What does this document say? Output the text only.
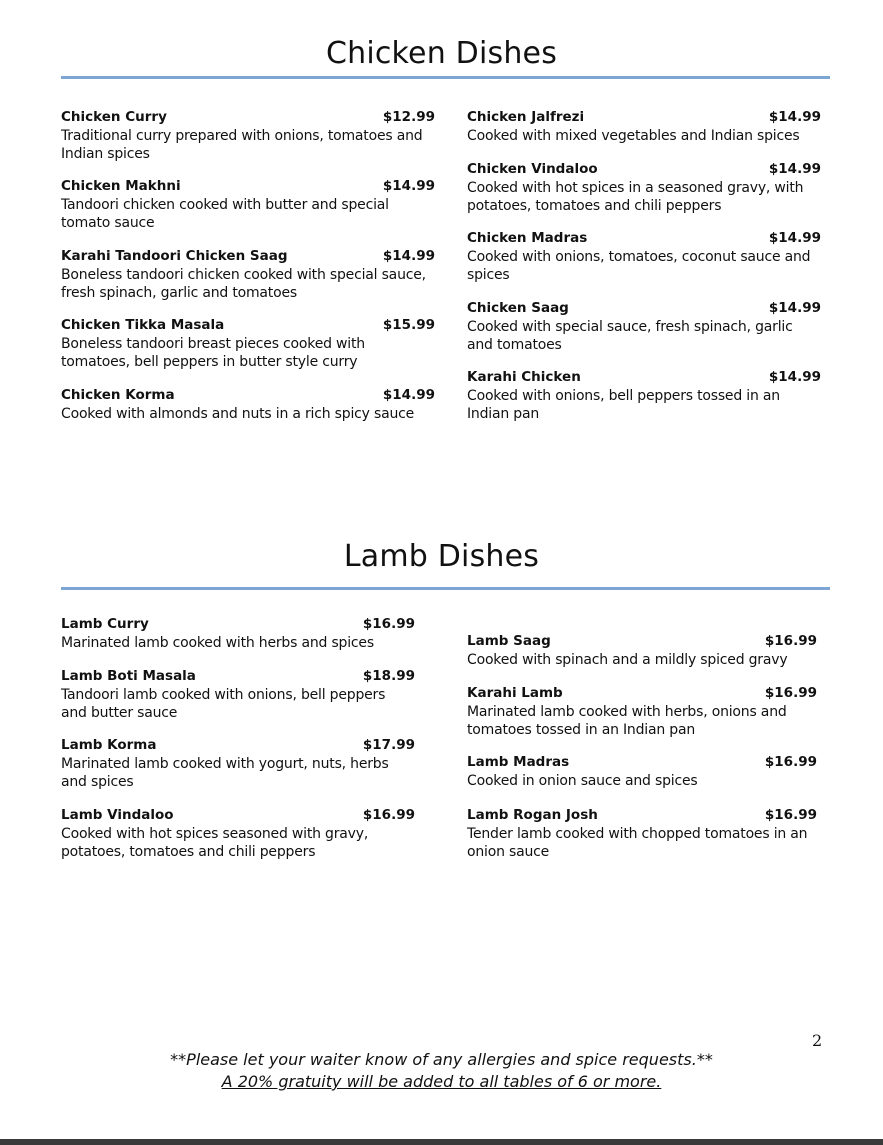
Chicken Dishes
Chicken Curry	$12.99
Traditional curry prepared with onions, tomatoes and Indian spices
Chicken Makhni	$14.99
Tandoori chicken cooked with butter and special tomato sauce
Karahi Tandoori Chicken Saag	$14.99
Boneless tandoori chicken cooked with special sauce, fresh spinach, garlic and tomatoes
Chicken Tikka Masala	$15.99
Boneless tandoori breast pieces cooked with tomatoes, bell peppers in butter style curry
Chicken Korma	$14.99
Cooked with almonds and nuts in a rich spicy sauce
Chicken Jalfrezi	$14.99
Cooked with mixed vegetables and Indian spices
Chicken Vindaloo	$14.99
Cooked with hot spices in a seasoned gravy, with potatoes, tomatoes and chili peppers
Chicken Madras	$14.99
Cooked with onions, tomatoes, coconut sauce and spices
Chicken Saag	$14.99
Cooked with special sauce, fresh spinach, garlic and tomatoes
Karahi Chicken	$14.99
Cooked with onions, bell peppers tossed in an Indian pan
Lamb Dishes
Lamb Curry	$16.99
Marinated lamb cooked with herbs and spices
Lamb Boti Masala	$18.99
Tandoori lamb cooked with onions, bell peppers and butter sauce
Lamb Korma	$17.99
Marinated lamb cooked with yogurt, nuts, herbs and spices
Lamb Vindaloo	$16.99
Cooked with hot spices seasoned with gravy, potatoes, tomatoes and chili peppers
Lamb Saag	$16.99
Cooked with spinach and a mildly spiced gravy
Karahi Lamb	$16.99
Marinated lamb cooked with herbs, onions and tomatoes tossed in an Indian pan
Lamb Madras	$16.99
Cooked in onion sauce and spices
Lamb Rogan Josh	$16.99
Tender lamb cooked with chopped tomatoes in an onion sauce
2
**Please let your waiter know of any allergies and spice requests.**
A 20% gratuity will be added to all tables of 6 or more.
